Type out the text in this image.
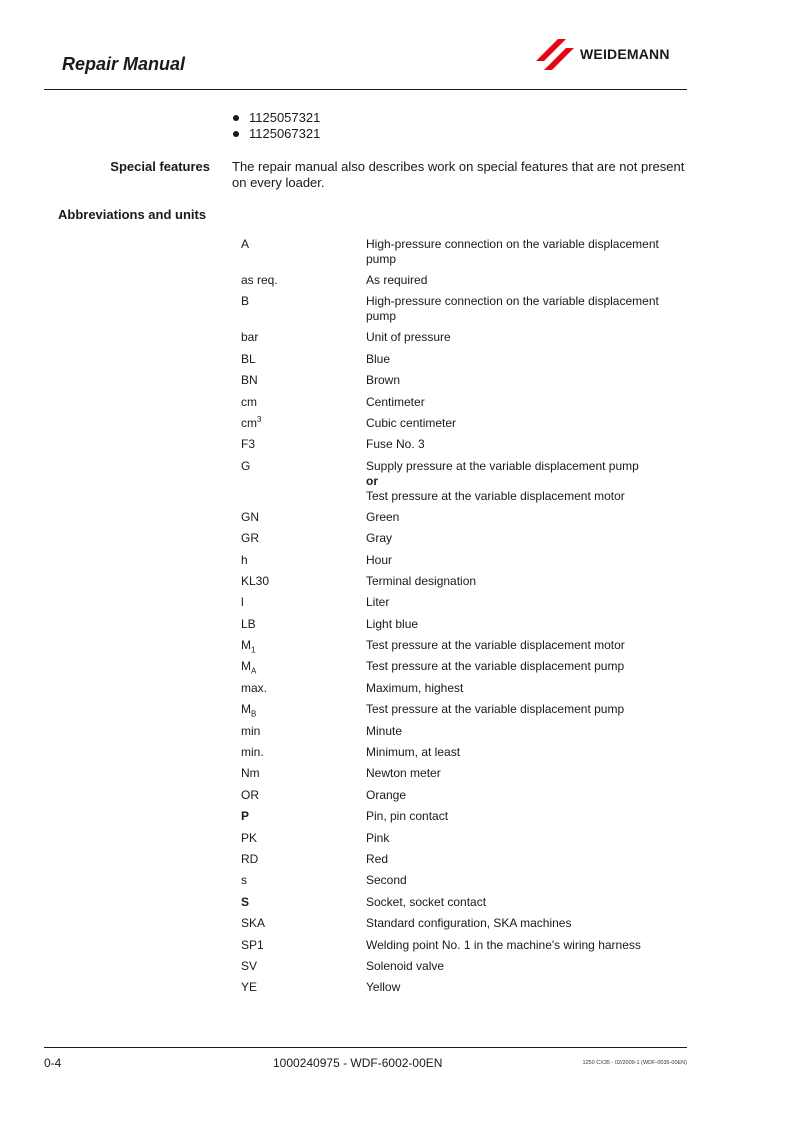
Repair Manual	WEIDEMANN
1125057321
1125067321
Special features The repair manual also describes work on special features that are not present on every loader.
Abbreviations and units
A	High-pressure connection on the variable displacement pump
as req.	As required
B	High-pressure connection on the variable displacement pump
bar	Unit of pressure
BL	Blue
BN	Brown
cm	Centimeter
$cm^3$	Cubic centimeter
F3	Fuse No. 3
G	Supply pressure at the variable displacement pump
or
Test pressure at the variable displacement motor
GN	Green
GR	Gray
h	Hour
KL30	Terminal designation
l	Liter
LB	Light blue
$M_1$	Test pressure at the variable displacement motor
$M_A$	Test pressure at the variable displacement pump
max.	Maximum, highest
$M_B$	Test pressure at the variable displacement pump
min	Minute
min.	Minimum, at least
Nm	Newton meter
OR	Orange
P	Pin, pin contact
PK	Pink
RD	Red
s	Second
S	Socket, socket contact
SKA	Standard configuration, SKA machines
SP1	Welding point No. 1 in the machine's wiring harness
SV	Solenoid valve
YE	Yellow
0-4	1000240975 - WDF-6002-00EN	1250 CX35 - 02/2009-1 (WDF-0035-00EN)
